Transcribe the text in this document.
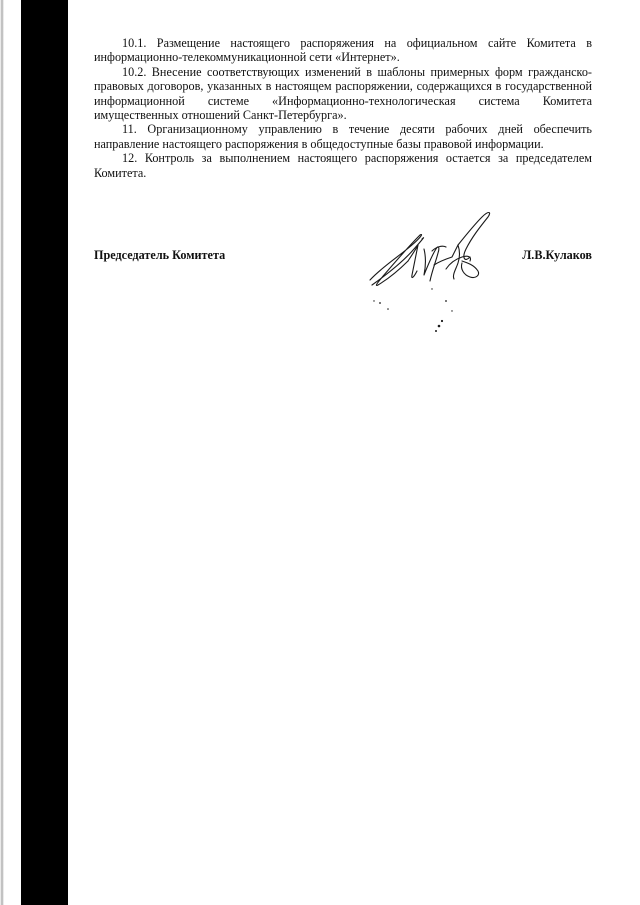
10.1. Размещение настоящего распоряжения на официальном сайте Комитета в информационно-телекоммуникационной сети «Интернет».

10.2. Внесение соответствующих изменений в шаблоны примерных форм гражданско-правовых договоров, указанных в настоящем распоряжении, содержащихся в государственной информационной системе «Информационно-технологическая система Комитета имущественных отношений Санкт-Петербурга».

11. Организационному управлению в течение десяти рабочих дней обеспечить направление настоящего распоряжения в общедоступные базы правовой информации.

12. Контроль за выполнением настоящего распоряжения остается за председателем Комитета.

Председатель Комитета	Л.В.Кулаков
